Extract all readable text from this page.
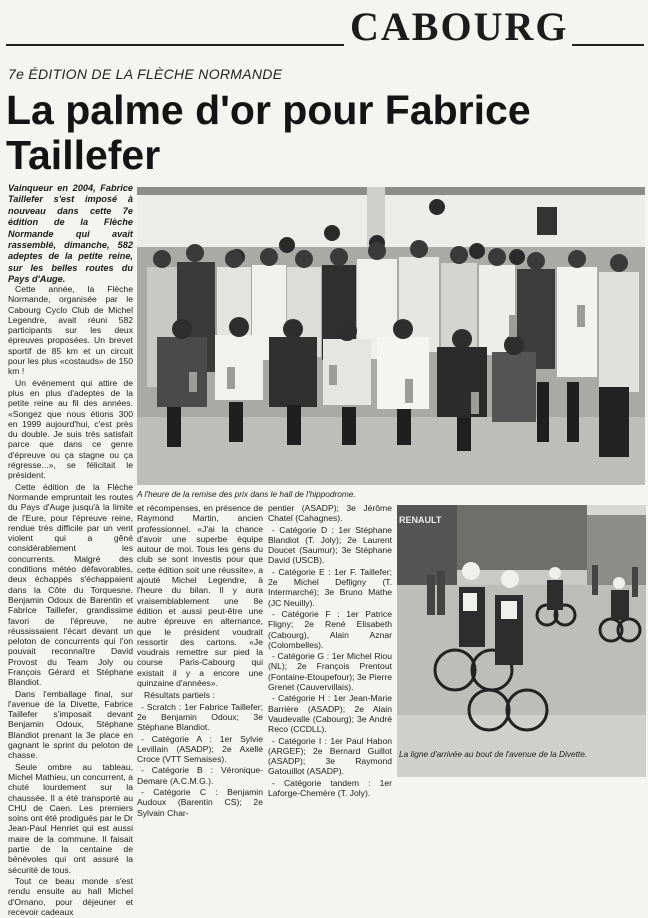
CABOURG
7e ÉDITION DE LA FLÈCHE NORMANDE
La palme d'or pour Fabrice Taillefer
Vainqueur en 2004, Fabrice Taillefer s'est imposé à nouveau dans cette 7e édition de la Flèche Normande qui avait rassemblé, dimanche, 582 adeptes de la petite reine, sur les belles routes du Pays d'Auge.

Cette année, la Flèche Normande, organisée par le Cabourg Cyclo Club de Michel Legendre, avait réuni 582 participants sur les deux épreuves proposées. Un brevet sportif de 85 km et un circuit pour les plus «costauds» de 150 km !

Un événement qui attire de plus en plus d'adeptes de la petite reine au fil des années. «Songez que nous étions 300 en 1999 aujourd'hui, c'est près du double. Je suis très satisfait parce que dans ce genre d'épreuve ou ça stagne ou ça régresse...», se félicitait le président.

Cette édition de la Flèche Normande empruntait les routes du Pays d'Auge jusqu'à la limite de l'Eure, pour l'épreuve reine, rendue très difficile par un vent violent qui a gêné considérablement les concurrents. Malgré des conditions météo défavorables, deux échappés s'échappaient dans la Côte du Torquesne. Benjamin Odoux de Barentin et Fabrice Taillefer, grandissime favori de l'épreuve, ne réussissaient l'écart devant un peloton de concurrents qui l'on pouvait reconnaître David Provost du Team Joly ou François Gérard et Stéphane Blandiot.

Dans l'emballage final, sur l'avenue de la Divette, Fabrice Taillefer s'imposait devant Benjamin Odoux, Stéphane Blandiot prenant la 3e place en gagnant le sprint du peloton de chasse.

Seule ombre au tableau, Michel Mathieu, un concurrent, a chuté lourdement sur la chaussée. Il a été transporté au CHU de Caen. Les premiers soins ont été prodigués par le Dr Jean-Paul Henriet qui est aussi maire de la commune. Il faisait partie de la centaine de bénévoles qui ont assuré la sécurité de tous.

Tout ce beau monde s'est rendu ensuite au hall Michel d'Ornano, pour déjeuner et recevoir cadeaux

A l'heure de la remise des prix dans le hall de l'hippodrome.

et récompenses, en présence de Raymond Martin, ancien professionnel. «J'ai la chance d'avoir une superbe équipe autour de moi. Tous les gens du club se sont investis pour que cette édition soit une réussite», a ajouté Michel Legendre, à l'heure du bilan. Il y aura vraisemblablement une 8e édition et aussi peut-être une autre épreuve en alternance, que le président voudrait ressortir des cartons. «Je voudrais remettre sur pied la course Paris-Cabourg qui existait il y a encore une quinzaine d'années».

Résultats partiels :

- Scratch : 1er Fabrice Taillefer; 2e Benjamin Odoux; 3e Stéphane Blandiot.

- Catégorie A : 1er Sylvie Levillain (ASADP); 2e Axelle Croce (VTT Semaises).

- Catégorie B : Véronique-Demare (A.C.M.G.).

- Catégorie C : Benjamin Audoux (Barentin CS); 2e Sylvain Char-

pentier (ASADP); 3e Jérôme Chatel (Cahagnes).

- Catégorie D : 1er Stéphane Blandiot (T. Joly); 2e Laurent Doucet (Saumur); 3e Stéphane David (USCB).

- Catégorie E : 1er F. Taillefer; 2e Michel Defligny (T. Intermarché); 3e Bruno Mathe (JC Neuilly).

- Catégorie F : 1er Patrice Fligny; 2e René Elisabeth (Cabourg), Alain Aznar (Colombelles).

- Catégorie G : 1er Michel Riou (NL); 2e François Prentout (Fontaine-Etoupefour); 3e Pierre Grenet (Cauvervillais).

- Catégorie H : 1er Jean-Marie Barrière (ASADP); 2e Alain Vaudevalle (Cabourg); 3e André Reco (CCDLL).

- Catégorie I : 1er Paul Habon (ARGEF); 2e Bernard Guillot (ASADP); 3e Raymond Gatouillot (ASADP).

- Catégorie tandem : 1er Laforge-Chemère (T. Joly).

RENAULT
La ligne d'arrivée au bout de l'avenue de la Divette.
